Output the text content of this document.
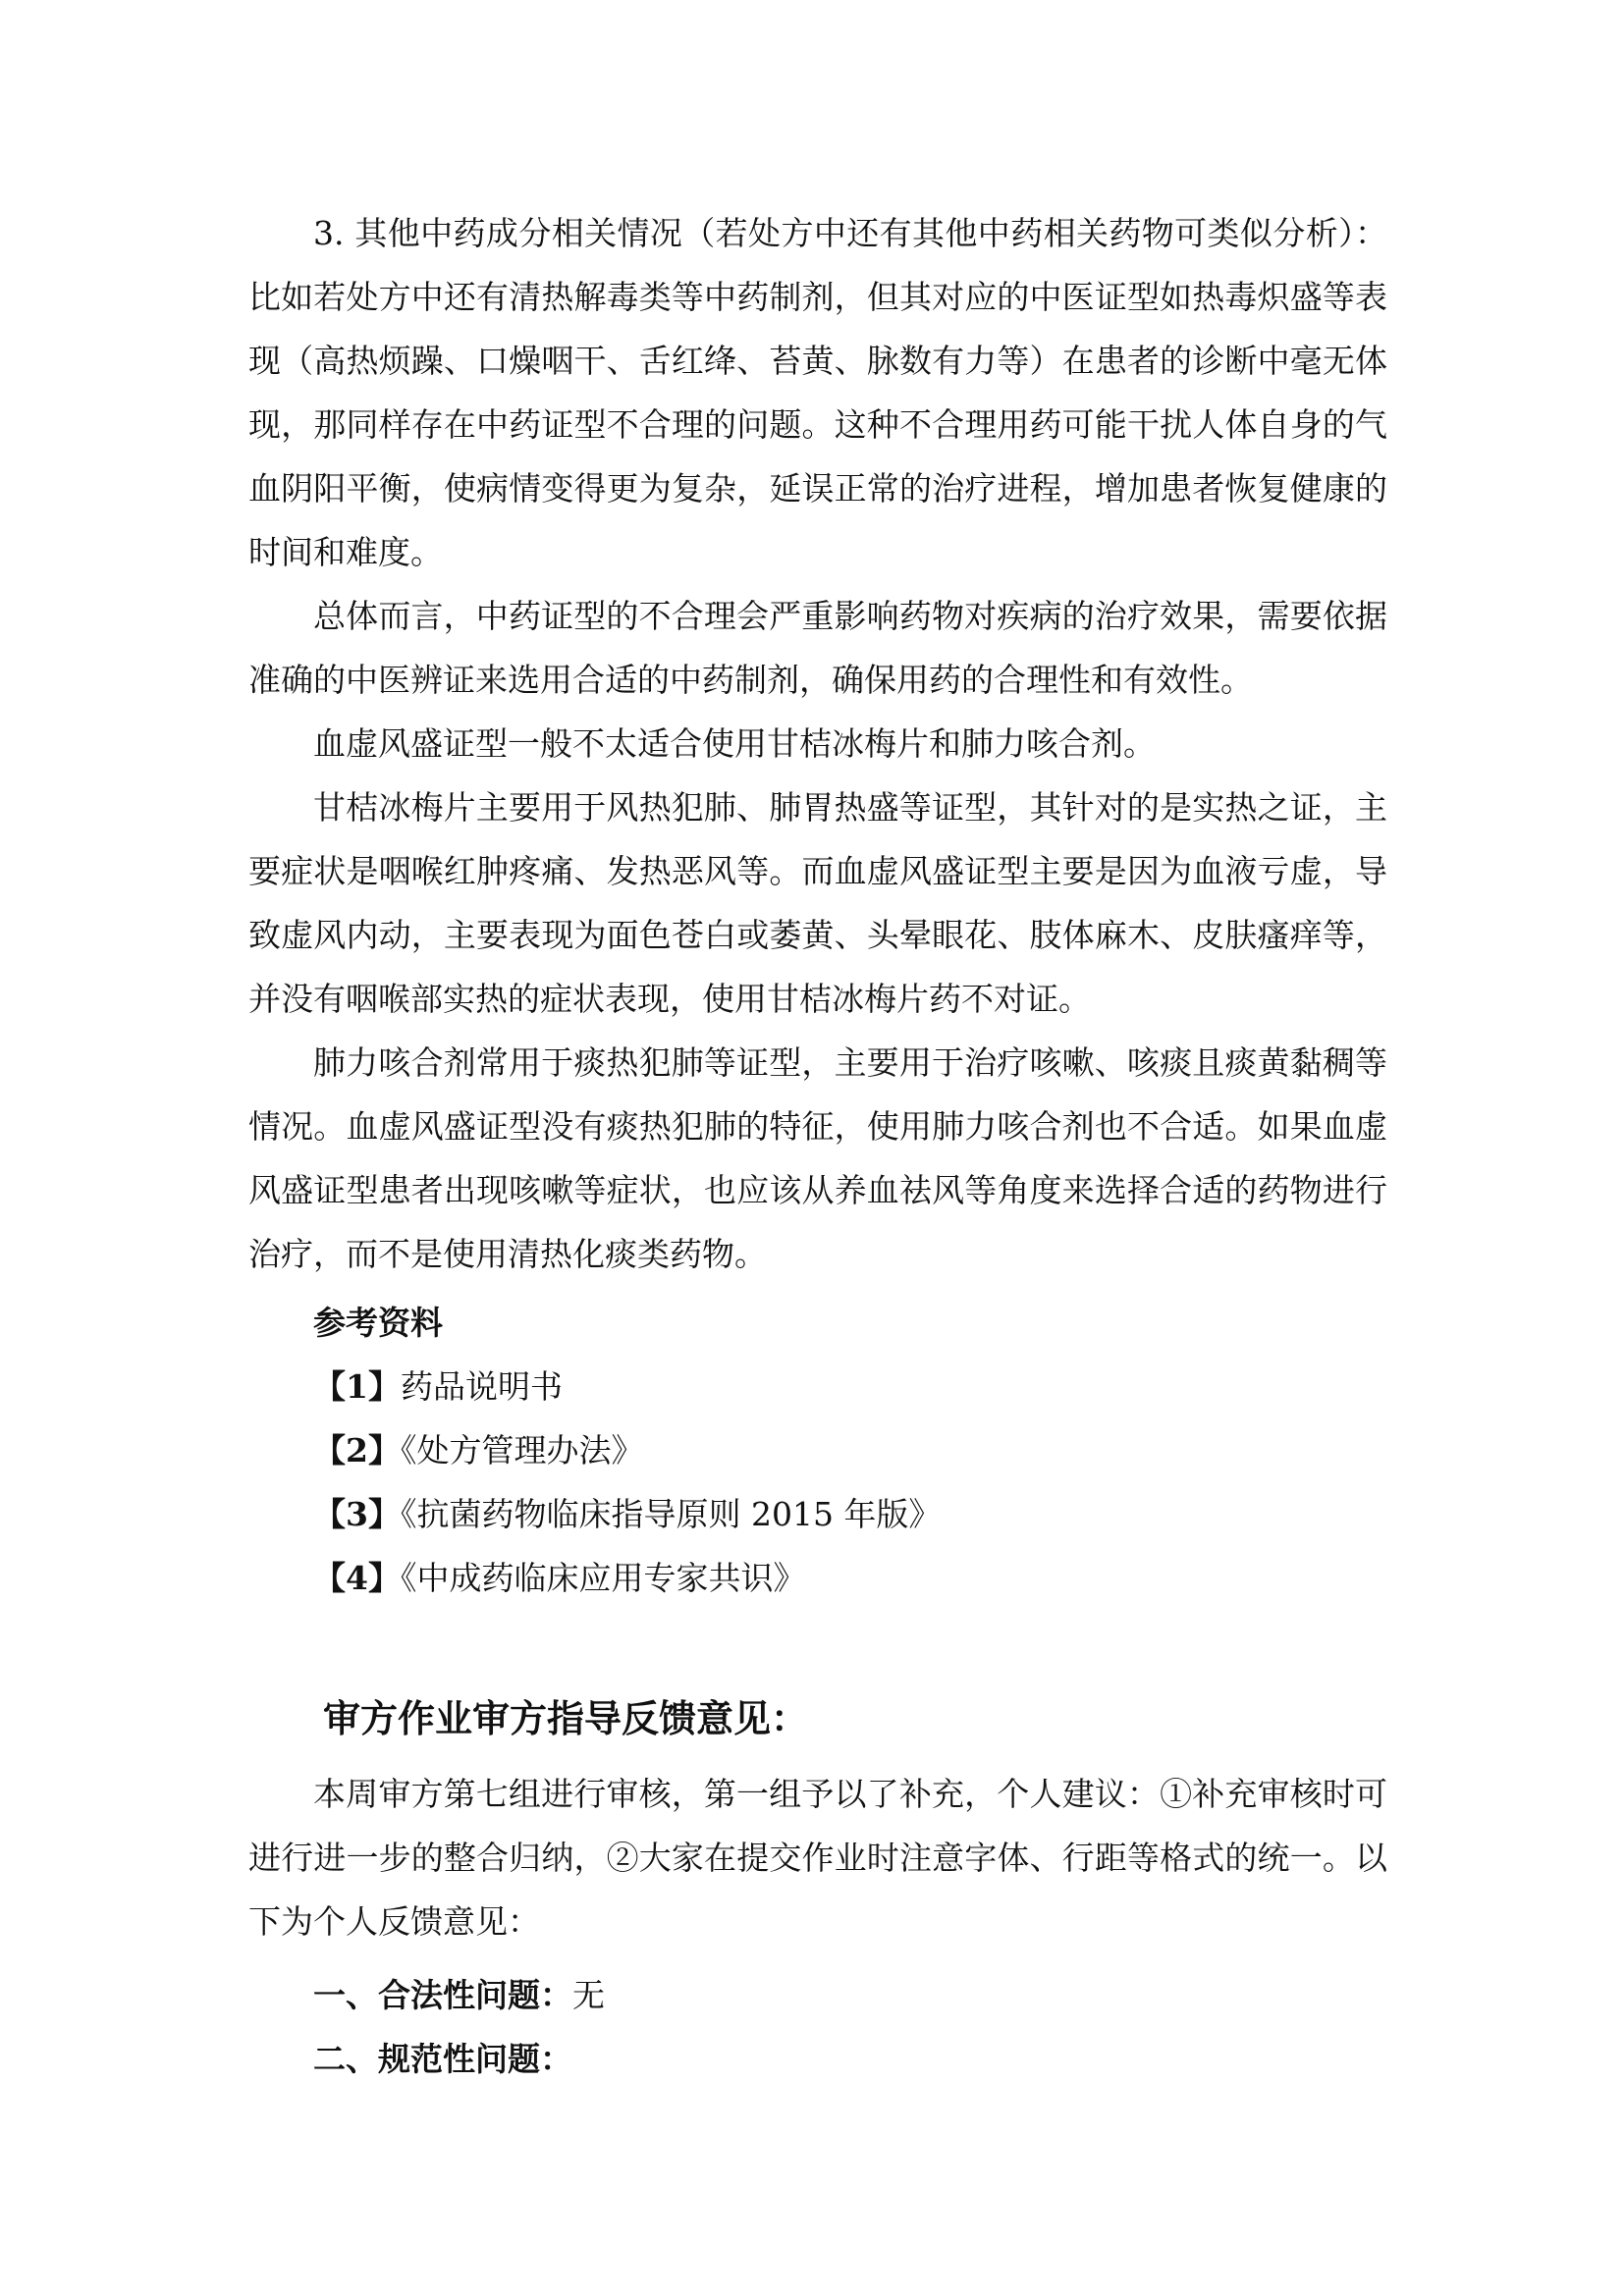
3. 其他中药成分相关情况（若处方中还有其他中药相关药物可类似分析）：比如若处方中还有清热解毒类等中药制剂，但其对应的中医证型如热毒炽盛等表现（高热烦躁、口燥咽干、舌红绛、苔黄、脉数有力等）在患者的诊断中毫无体现，那同样存在中药证型不合理的问题。这种不合理用药可能干扰人体自身的气血阴阳平衡，使病情变得更为复杂，延误正常的治疗进程，增加患者恢复健康的时间和难度。

总体而言，中药证型的不合理会严重影响药物对疾病的治疗效果，需要依据准确的中医辨证来选用合适的中药制剂，确保用药的合理性和有效性。

血虚风盛证型一般不太适合使用甘桔冰梅片和肺力咳合剂。

甘桔冰梅片主要用于风热犯肺、肺胃热盛等证型，其针对的是实热之证，主要症状是咽喉红肿疼痛、发热恶风等。而血虚风盛证型主要是因为血液亏虚，导致虚风内动，主要表现为面色苍白或萎黄、头晕眼花、肢体麻木、皮肤瘙痒等，并没有咽喉部实热的症状表现，使用甘桔冰梅片药不对证。

肺力咳合剂常用于痰热犯肺等证型，主要用于治疗咳嗽、咳痰且痰黄黏稠等情况。血虚风盛证型没有痰热犯肺的特征，使用肺力咳合剂也不合适。如果血虚风盛证型患者出现咳嗽等症状，也应该从养血祛风等角度来选择合适的药物进行治疗，而不是使用清热化痰类药物。

参考资料
【1】药品说明书
【2】《处方管理办法》
【3】《抗菌药物临床指导原则 2015 年版》
【4】《中成药临床应用专家共识》
审方作业审方指导反馈意见：

本周审方第七组进行审核，第一组予以了补充，个人建议：①补充审核时可进行进一步的整合归纳，②大家在提交作业时注意字体、行距等格式的统一。以下为个人反馈意见：

一、合法性问题：无
二、规范性问题：
